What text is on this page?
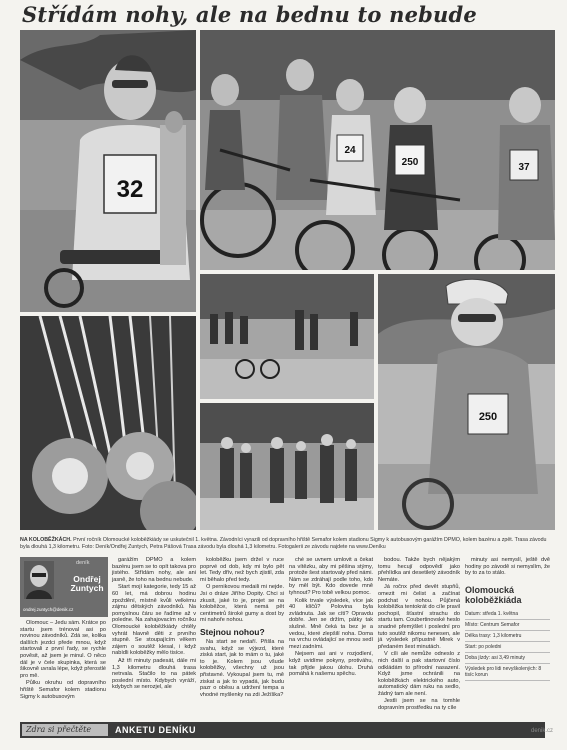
Střídám nohy, ale na bednu to nebude
32
24
250	37
250
NA KOLOBĚŽKÁCH. První ročník Olomoucké koloběžkiády se uskutečnil 1. května. Závodníci vyrazili od dopravního hřiště Semafor kolem stadionu Sigmy k autobusovým garážím DPMO, kolem bazénu a zpět. Trasa závodu byla dlouhá 1,3 kilometru. Foto: Deník/Ondřej Zuntych, Petra Pášová Trasa závodu byla dlouhá 1,3 kilometru. Fotogalerii ze závodu najdete na www.Deníku
deník
Ondřej Zuntych
ondrej.zuntych@denik.cz

Olomouc – Jedu sám. Krátce po startu jsem trénoval asi po novinou závodníků. Zdá se, kolika dalších jezdci přede mnou, když startovali z první řady, se rychle pověsit, až jsem je minul. O něco dál je v čele skupinka, která se šikovně uvrala lépe, když přerostlé pro mě.

Půlku okruhu od dopravního hřiště Semafor kolem stadionu Sigmy k autobusovým

garážím DPMO a kolem bazénu jsem se to opít takova pro jistého. Střídám nohy, ale ani jasně, že toho na bednu nebude.

Start mojí kategorie, tedy 15 až 60 let, má dobrou hodinu zpoždění, místně kvůli velkému zájmu dětských závodníků. Na pomyslnou čáru se řadíme až v poledne. Na zahajovacím ročníku Olomoucké koloběžkiády chtěly vyhrát hlavně děti z prvního stupně. Se stoupajícím věkem zájem o soutěž klesal, i když nabídli koloběžky mělo tisíce.

Až tři minuty padesát, dále mi 1,3 kilometru dlouhá trasa netrvala. Stačilo to na pátek poslední místo. Kdybych vyráží, kdybych se nerozjel, ale

koloběžku jsem držel v ruce poprvé od dob, kdy mi bylo pět let. Tedy dřív, než bych zjistil, zda mi běhalo před tedy.

O pernikovou medaili mi nejde. Jsi o dráze Jiřího Dopity. Chci si zkusit, jaké to je, projet se na koloběžce, která nemá pět centimetrů široké gumy a dost by mi nahoře nohou.

Stejnou nohou?

Na start se nedaří. Přišla na svahu, když se výjezd, které ziská start, jak to mám o tu, jaké to je. Kolem jsou všude koloběžky, všechny už jsou přistavné. Vykoupal jsem tu, mě ziskat a jak to vypadá, jak budu pazr o oběsu a udržení tempa a vhodné myšlenky na zdi Ježíška?

ché se uvnem umlovit a čekat na vítězku, aby mi pěšina stýmy, protože šest startovaly před námi. Nám se zdráhají podle toho, kdo by měl být. Kdo dovede mně tyhnout? Pro tobě velkou pomoc.

Kolik trvale výsledek, více jak 40 klíčů? Polovina byla zvládnuta. Jak se cítí? Opravdu dobře. Jen se držím, pátky tak slušné. Mně čeká ta bez je a vedou, které zlepšilí noha. Doma na vrchu ovládající se mnou sedí mezi zadními.

Nejsem asi ani v rozjodlení, když uvidíme pokyny, protiváhu, tak přijde jakou úlohu. Druhá pomáhá k našemu spěchu.

bodou. Takže bych nějakým tomu hecují odpovědí jako přehlídka ani desetiletý závodník Nemáte.

Já ročnx před devět stupňů, omezit mi čelist a začínat podchat v nohou. Půjčená koloběžka tentokrát do cíle pravil pochopil, šťastní strachu do startu tam. Coubertinovské heslo snadné přemýšlet i poslední pro tuto soutěž nikomu nenesen, ale já výsledek přípustně Mirek v předaném šest minutách.

V cíli ale nemůže odneslo z nich další a pak startovní číslo odkládám to přírodní nasazení. Když jsme ochránili na koloběžkách elektrického auto, automatický dám ruku na sedlo, žádný tam ale není.

Jestli jsem se na tomhle dopravním prostředku na ty cíle

minuty asi nemyslí, ještě dvě hodiny po závodě si nemyslím, že by to za to stálo.

Olomoucká koloběžkiáda
Datum: středa 1. května
Místo: Centrum Semafor
Délka trasy: 1,3 kilometru
Start: po poledni
Doba jízdy: asi 3,49 minuty
Výsledek pro lidi nevyškolených: 8 tisíc korun
Zdra si přečtěte	ANKETU DENÍKU	denik.cz
